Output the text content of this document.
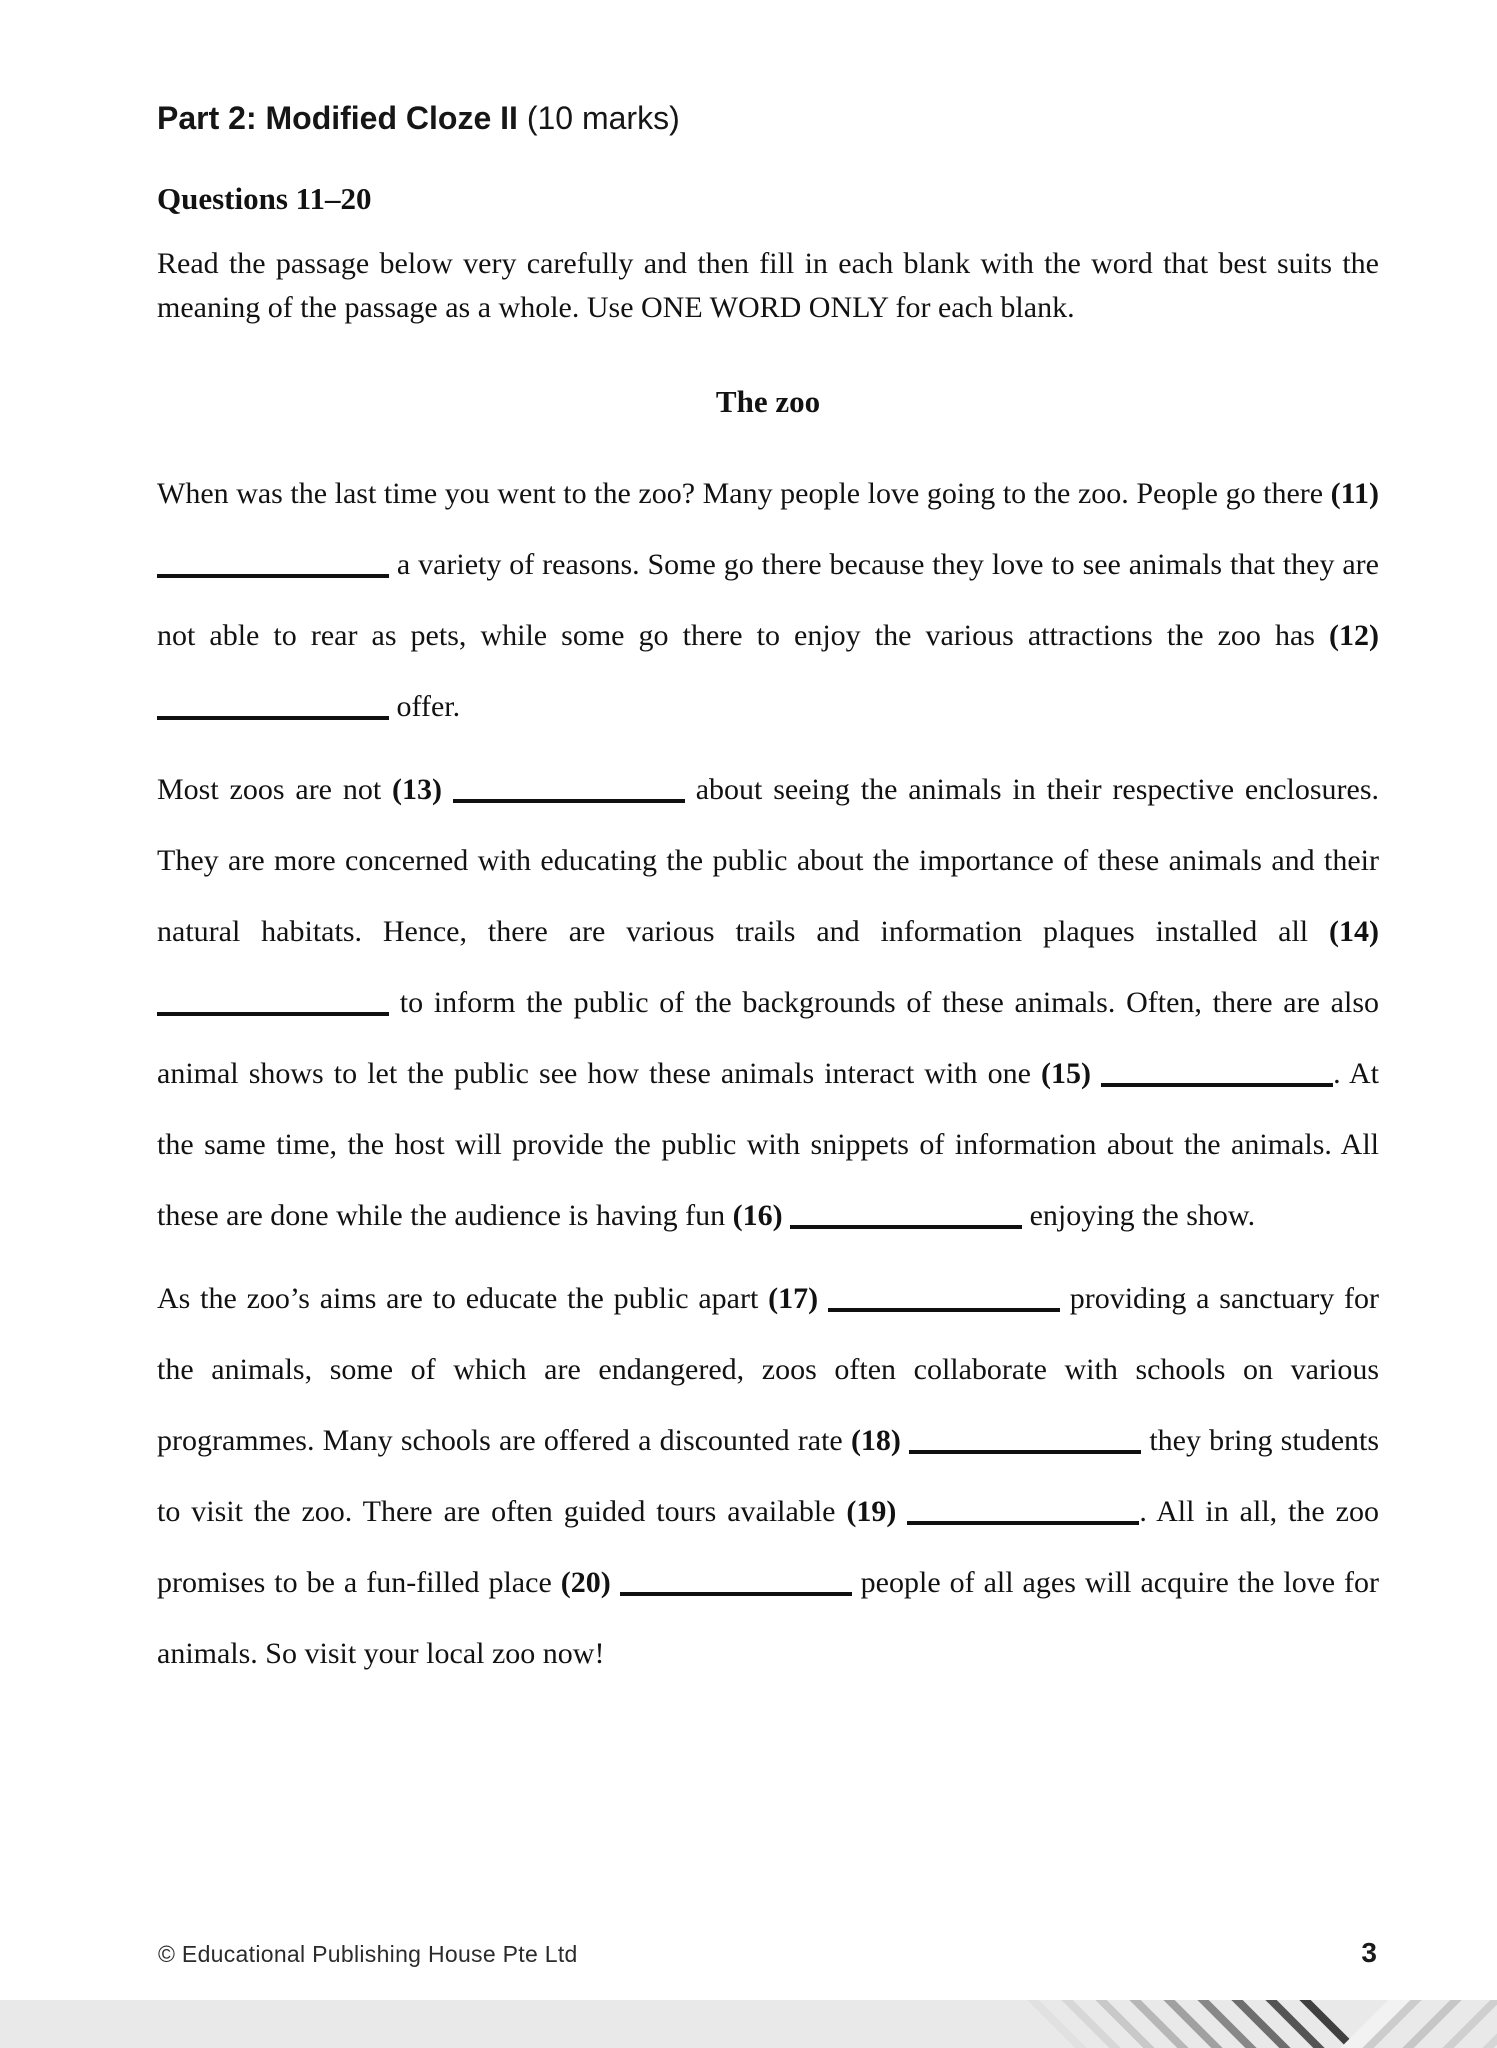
Part 2: Modified Cloze II (10 marks)
Questions 11–20
Read the passage below very carefully and then fill in each blank with the word that best suits the meaning of the passage as a whole. Use ONE WORD ONLY for each blank.
The zoo

When was the last time you went to the zoo? Many people love going to the zoo. People go there (11)  a variety of reasons. Some go there because they love to see animals that they are not able to rear as pets, while some go there to enjoy the various attractions the zoo has (12)  offer.

Most zoos are not (13)	about seeing the animals in their respective enclosures. They are more concerned with educating the public about the importance of these animals and their natural habitats. Hence, there are various trails and information plaques installed all (14)  to inform the public of the backgrounds of these animals. Often, there are also animal shows to let the public see how these animals interact with one (15)	. At the same time, the host will provide the public with snippets of information about the animals. All these are done while the audience is having fun (16)	enjoying the show.

As the zoo’s aims are to educate the public apart (17)	providing a sanctuary for the animals, some of which are endangered, zoos often collaborate with schools on various programmes. Many schools are offered a discounted rate (18)	they bring students to visit the zoo. There are often guided tours available (19)	. All in all, the zoo promises to be a fun-filled place (20)	people of all ages will acquire the love for animals. So visit your local zoo now!

© Educational Publishing House Pte Ltd	3
